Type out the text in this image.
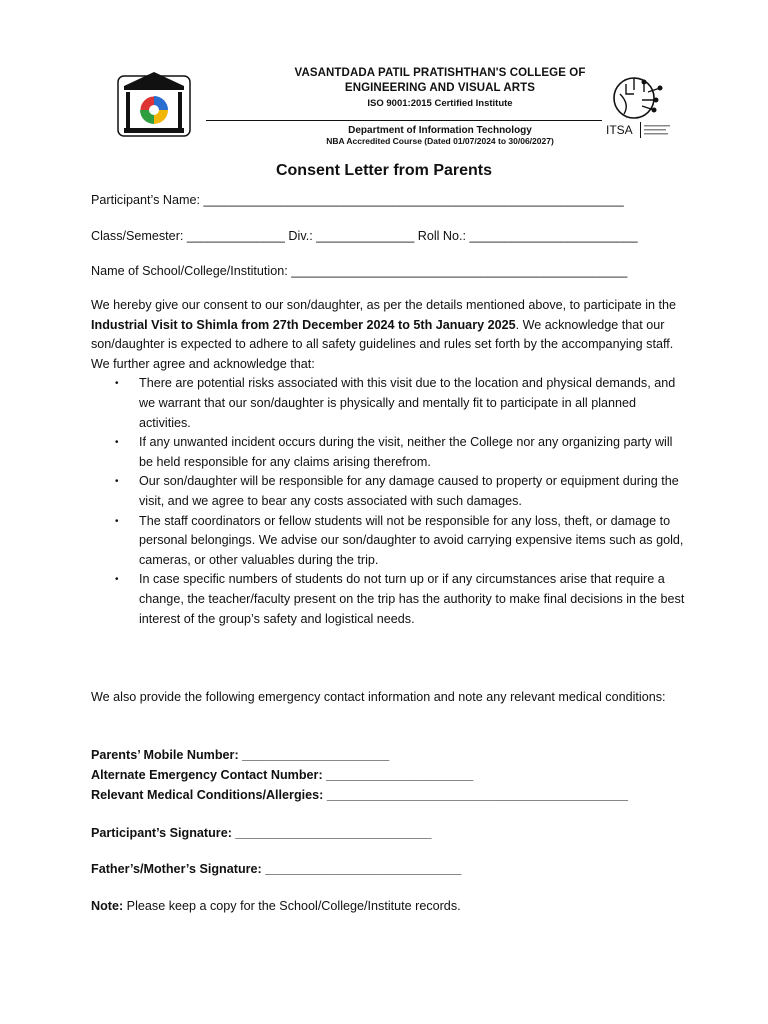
VASANTDADA PATIL PRATISHTHAN'S COLLEGE OF
ENGINEERING AND VISUAL ARTS
ISO 9001:2015 Certified Institute
Department of Information Technology
NBA Accredited Course (Dated 01/07/2024 to 30/06/2027)
ITSA
Consent Letter from Parents
Participant’s Name: ____________________________________________________________
Class/Semester: ______________ Div.: ______________ Roll No.: ________________________
Name of School/College/Institution: ________________________________________________

We hereby give our consent to our son/daughter, as per the details mentioned above, to participate in the Industrial Visit to Shimla from 27th December 2024 to 5th January 2025. We acknowledge that our son/daughter is expected to adhere to all safety guidelines and rules set forth by the accompanying staff.

We further agree and acknowledge that:

• There are potential risks associated with this visit due to the location and physical demands, and we warrant that our son/daughter is physically and mentally fit to participate in all planned activities.
• If any unwanted incident occurs during the visit, neither the College nor any organizing party will be held responsible for any claims arising therefrom.
• Our son/daughter will be responsible for any damage caused to property or equipment during the visit, and we agree to bear any costs associated with such damages.
• The staff coordinators or fellow students will not be responsible for any loss, theft, or damage to personal belongings. We advise our son/daughter to avoid carrying expensive items such as gold, cameras, or other valuables during the trip.
• In case specific numbers of students do not turn up or if any circumstances arise that require a change, the teacher/faculty present on the trip has the authority to make final decisions in the best interest of the group’s safety and logistical needs.
We also provide the following emergency contact information and note any relevant medical conditions:
Parents’ Mobile Number: _____________________
Alternate Emergency Contact Number: _____________________
Relevant Medical Conditions/Allergies: ___________________________________________
Participant’s Signature: ____________________________
Father’s/Mother’s Signature: ____________________________
Note: Please keep a copy for the School/College/Institute records.
